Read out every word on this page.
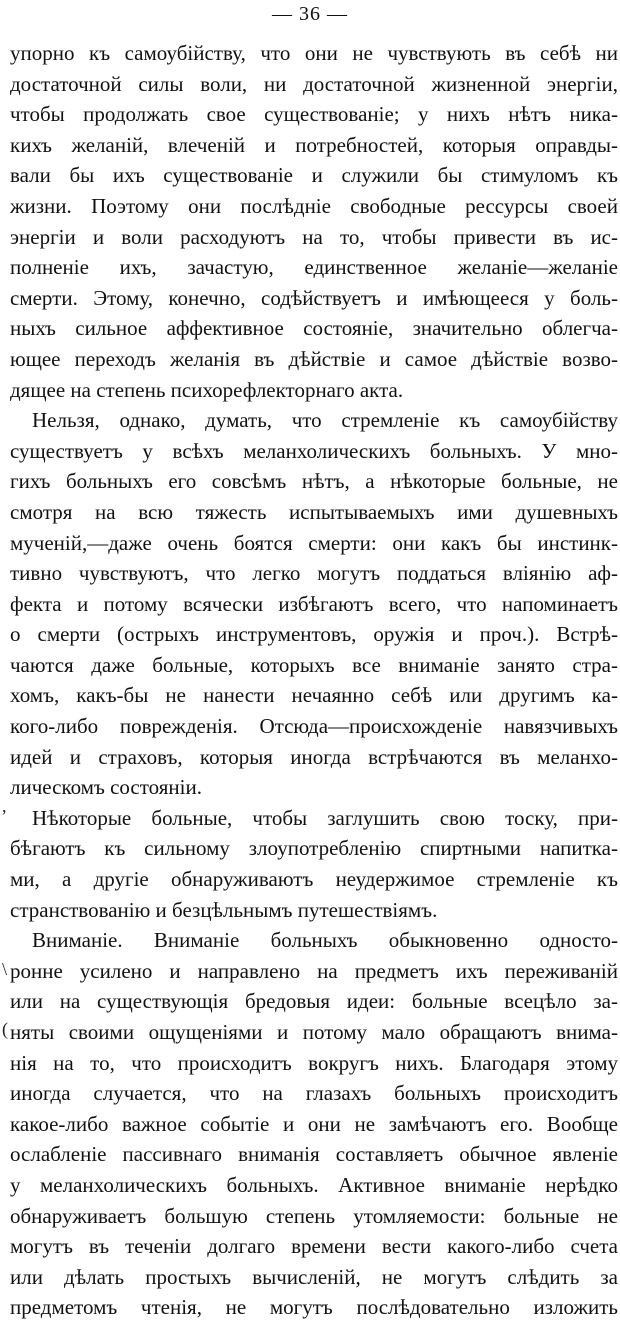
— 36 —
упорно къ самоубійству, что они не чувствують въ себѣ ни
достаточной силы воли, ни достаточной жизненной энергіи,
чтобы продолжать свое существованіе; у нихъ нѣтъ ника-
кихъ желаній, влеченій и потребностей, которыя оправды-
вали бы ихъ существованіе и служили бы стимуломъ къ
жизни. Поэтому они послѣдніе свободные рессурсы своей
энергіи и воли расходуютъ на то, чтобы привести въ ис-
полненіе ихъ, зачастую, единственное желаніе—желаніе
смерти. Этому, конечно, содѣйствуетъ и имѣющееся у боль-
ныхъ сильное аффективное состояніе, значительно облегча-
ющее переходъ желанія въ дѣйствіе и самое дѣйствіе возво-
дящее на степень психорефлекторнаго акта.
Нельзя, однако, думать, что стремленіе къ самоубійству
существуетъ у всѣхъ меланхолическихъ больныхъ. У мно-
гихъ больныхъ его совсѣмъ нѣтъ, а нѣкоторые больные, не
смотря на всю тяжесть испытываемыхъ ими душевныхъ
мученій,—даже очень боятся смерти: они какъ бы инстинк-
тивно чувствуютъ, что легко могутъ поддаться вліянію аф-
фекта и потому всячески избѣгаютъ всего, что напоминаетъ
о смерти (острыхъ инструментовъ, оружія и проч.). Встрѣ-
чаются даже больные, которыхъ все вниманіе занято стра-
хомъ, какъ-бы не нанести нечаянно себѣ или другимъ ка-
кого-либо поврежденія. Отсюда—происхожденіе навязчивыхъ
идей и страховъ, которыя иногда встрѣчаются въ меланхо-
лическомъ состояніи.
Нѣкоторые больные, чтобы заглушить свою тоску, при-
бѣгаютъ къ сильному злоупотребленію спиртными напитка-
ми, а другіе обнаруживаютъ неудержимое стремленіе къ
странствованію и безцѣльнымъ путешествіямъ.
Вниманіе. Вниманіе больныхъ обыкновенно односто-
ронне усилено и направлено на предметъ ихъ переживаній
или на существующія бредовыя идеи: больные всецѣло за-
няты своими ощущеніями и потому мало обращаютъ внима-
нія на то, что происходитъ вокругъ нихъ. Благодаря этому
иногда случается, что на глазахъ больныхъ происходитъ
какое-либо важное событіе и они не замѣчаютъ его. Вообще
ослабленіе пассивнаго вниманія составляетъ обычное явленіе
у меланхолическихъ больныхъ. Активное вниманіе нерѣдко
обнаруживаетъ большую степень утомляемости: больные не
могутъ въ теченіи долгаго времени вести какого-либо счета
или дѣлать простыхъ вычисленій, не могутъ слѣдить за
предметомъ чтенія, не могутъ послѣдовательно изложить
,
\
(
